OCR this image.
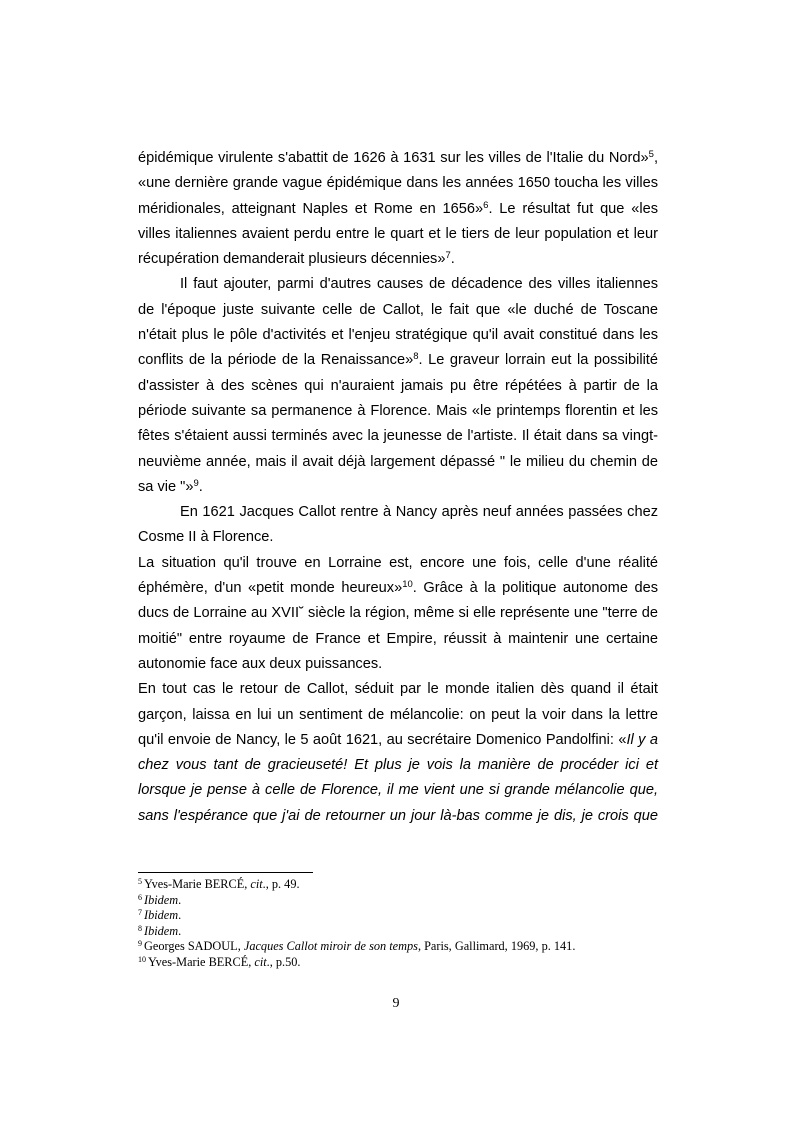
épidémique virulente s'abattit de 1626 à 1631 sur les villes de l'Italie du Nord»$^5$, «une dernière grande vague épidémique dans les années 1650 toucha les villes méridionales, atteignant Naples et Rome en 1656»$^6$. Le résultat fut que «les villes italiennes avaient perdu entre le quart et le tiers de leur population et leur récupération demanderait plusieurs décennies»$^7$.

Il faut ajouter, parmi d'autres causes de décadence des villes italiennes de l'époque juste suivante celle de Callot, le fait que «le duché de Toscane n'était plus le pôle d'activités et l'enjeu stratégique qu'il avait constitué dans les conflits de la période de la Renaissance»$^8$. Le graveur lorrain eut la possibilité d'assister à des scènes qui n'auraient jamais pu être répétées à partir de la période suivante sa permanence à Florence. Mais «le printemps florentin et les fêtes s'étaient aussi terminés avec la jeunesse de l'artiste. Il était dans sa vingt-neuvième année, mais il avait déjà largement dépassé " le milieu du chemin de sa vie "»$^9$.

En 1621 Jacques Callot rentre à Nancy après neuf années passées chez Cosme II à Florence.

La situation qu'il trouve en Lorraine est, encore une fois, celle d'une réalité éphémère, d'un «petit monde heureux»$^{10}$. Grâce à la politique autonome des ducs de Lorraine au XVII˘ siècle la région, même si elle représente une "terre de moitié" entre royaume de France et Empire, réussit à maintenir une certaine autonomie face aux deux puissances.

En tout cas le retour de Callot, séduit par le monde italien dès quand il était garçon, laissa en lui un sentiment de mélancolie: on peut la voir dans la lettre qu'il envoie de Nancy, le 5 août 1621, au secrétaire Domenico Pandolfini: «Il y a chez vous tant de gracieuseté! Et plus je vois la manière de procéder ici et lorsque je pense à celle de Florence, il me vient une si grande mélancolie que, sans l'espérance que j'ai de retourner un jour là-bas comme je dis, je crois que

$^5$ Yves-Marie BERCÉ, cit., p. 49.
$^6$ Ibidem.
$^7$ Ibidem.
$^8$ Ibidem.
$^9$ Georges SADOUL, Jacques Callot miroir de son temps, Paris, Gallimard, 1969, p. 141.
$^{10}$ Yves-Marie BERCÉ, cit., p.50.
9
